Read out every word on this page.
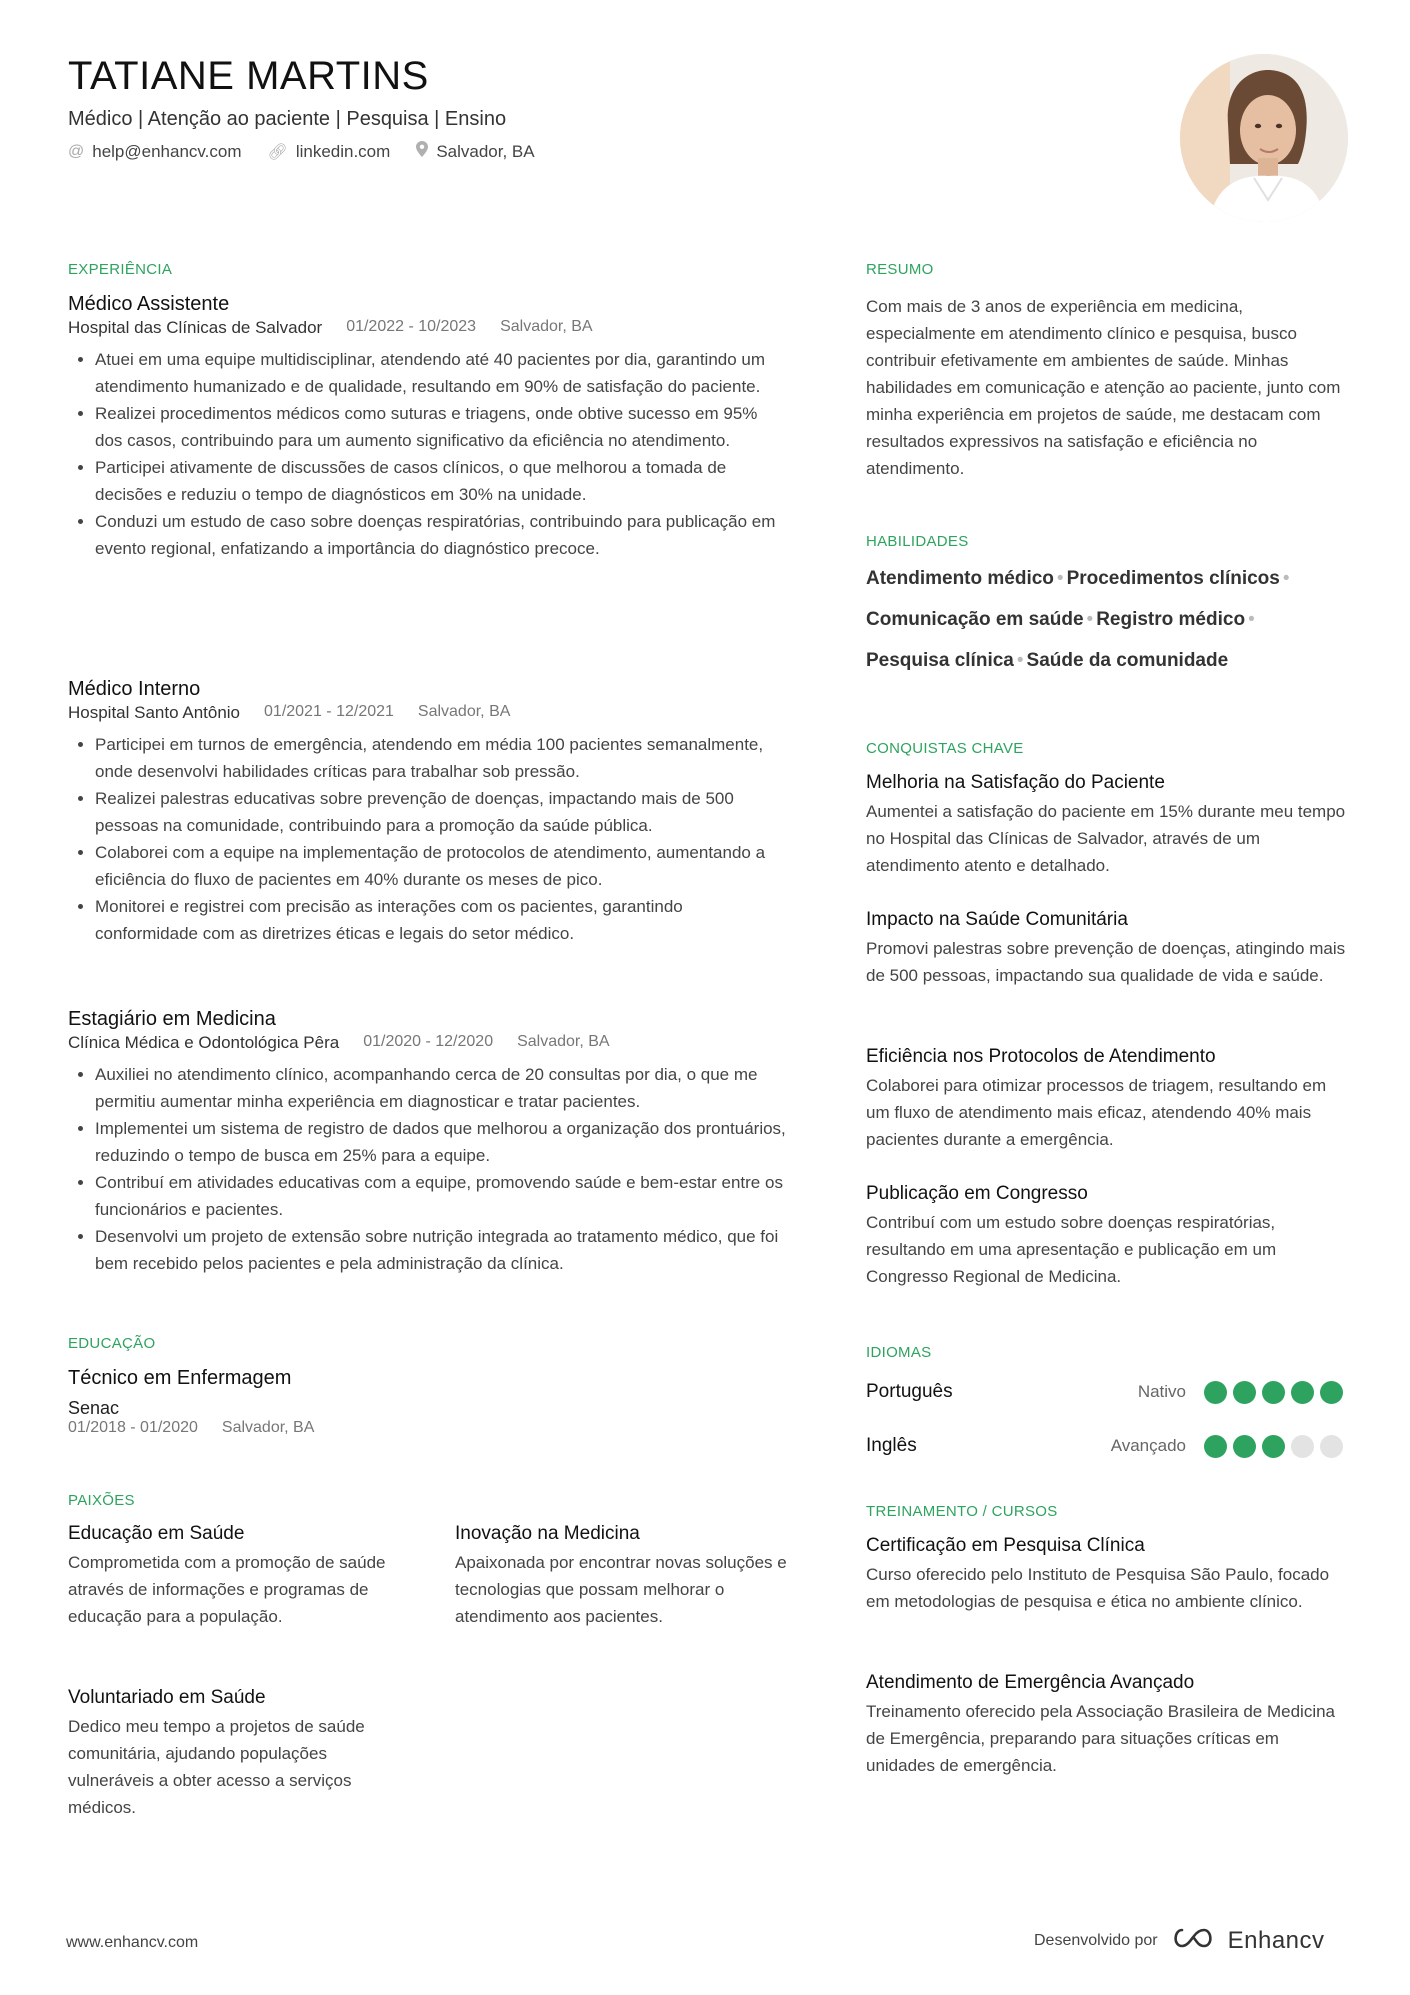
TATIANE MARTINS
Médico | Atenção ao paciente | Pesquisa | Ensino
@ help@enhancv.com 🔗︎ linkedin.com	Salvador, BA
EXPERIÊNCIA
Médico Assistente
Hospital das Clínicas de Salvador 01/2022 - 10/2023 Salvador, BA
• Atuei em uma equipe multidisciplinar, atendendo até 40 pacientes por dia, garantindo um atendimento humanizado e de qualidade, resultando em 90% de satisfação do paciente.
• Realizei procedimentos médicos como suturas e triagens, onde obtive sucesso em 95% dos casos, contribuindo para um aumento significativo da eficiência no atendimento.
• Participei ativamente de discussões de casos clínicos, o que melhorou a tomada de decisões e reduziu o tempo de diagnósticos em 30% na unidade.
• Conduzi um estudo de caso sobre doenças respiratórias, contribuindo para publicação em evento regional, enfatizando a importância do diagnóstico precoce.
Médico Interno
Hospital Santo Antônio 01/2021 - 12/2021 Salvador, BA
• Participei em turnos de emergência, atendendo em média 100 pacientes semanalmente, onde desenvolvi habilidades críticas para trabalhar sob pressão.
• Realizei palestras educativas sobre prevenção de doenças, impactando mais de 500 pessoas na comunidade, contribuindo para a promoção da saúde pública.
• Colaborei com a equipe na implementação de protocolos de atendimento, aumentando a eficiência do fluxo de pacientes em 40% durante os meses de pico.
• Monitorei e registrei com precisão as interações com os pacientes, garantindo conformidade com as diretrizes éticas e legais do setor médico.
Estagiário em Medicina
Clínica Médica e Odontológica Pêra 01/2020 - 12/2020 Salvador, BA
• Auxiliei no atendimento clínico, acompanhando cerca de 20 consultas por dia, o que me permitiu aumentar minha experiência em diagnosticar e tratar pacientes.
• Implementei um sistema de registro de dados que melhorou a organização dos prontuários, reduzindo o tempo de busca em 25% para a equipe.
• Contribuí em atividades educativas com a equipe, promovendo saúde e bem-estar entre os funcionários e pacientes.
• Desenvolvi um projeto de extensão sobre nutrição integrada ao tratamento médico, que foi bem recebido pelos pacientes e pela administração da clínica.
EDUCAÇÃO
Técnico em Enfermagem
Senac
01/2018 - 01/2020 Salvador, BA
PAIXÕES
Educação em Saúde
Comprometida com a promoção de saúde através de informações e programas de educação para a população.
Inovação na Medicina
Apaixonada por encontrar novas soluções e tecnologias que possam melhorar o atendimento aos pacientes.
Voluntariado em Saúde
Dedico meu tempo a projetos de saúde comunitária, ajudando populações vulneráveis a obter acesso a serviços médicos.
RESUMO
Com mais de 3 anos de experiência em medicina, especialmente em atendimento clínico e pesquisa, busco contribuir efetivamente em ambientes de saúde. Minhas habilidades em comunicação e atenção ao paciente, junto com minha experiência em projetos de saúde, me destacam com resultados expressivos na satisfação e eficiência no atendimento.
HABILIDADES
Atendimento médico • Procedimentos clínicos •
Comunicação em saúde • Registro médico •
Pesquisa clínica • Saúde da comunidade
CONQUISTAS CHAVE
Melhoria na Satisfação do Paciente
Aumentei a satisfação do paciente em 15% durante meu tempo no Hospital das Clínicas de Salvador, através de um atendimento atento e detalhado.
Impacto na Saúde Comunitária
Promovi palestras sobre prevenção de doenças, atingindo mais de 500 pessoas, impactando sua qualidade de vida e saúde.
Eficiência nos Protocolos de Atendimento
Colaborei para otimizar processos de triagem, resultando em um fluxo de atendimento mais eficaz, atendendo 40% mais pacientes durante a emergência.
Publicação em Congresso
Contribuí com um estudo sobre doenças respiratórias, resultando em uma apresentação e publicação em um Congresso Regional de Medicina.
IDIOMAS
Português	Nativo
Inglês	Avançado
TREINAMENTO / CURSOS
Certificação em Pesquisa Clínica
Curso oferecido pelo Instituto de Pesquisa São Paulo, focado em metodologias de pesquisa e ética no ambiente clínico.
Atendimento de Emergência Avançado
Treinamento oferecido pela Associação Brasileira de Medicina de Emergência, preparando para situações críticas em unidades de emergência.
www.enhancv.com	Desenvolvido por	Enhancv
